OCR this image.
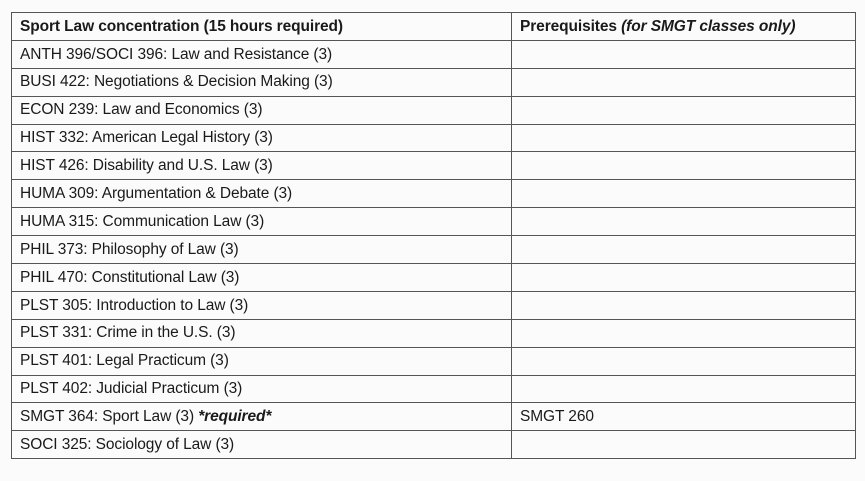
Sport Law concentration (15 hours required)	Prerequisites (for SMGT classes only)
ANTH 396/SOCI 396: Law and Resistance (3)	
BUSI 422: Negotiations & Decision Making (3)	
ECON 239: Law and Economics (3)	
HIST 332: American Legal History (3)	
HIST 426: Disability and U.S. Law (3)	
HUMA 309: Argumentation & Debate (3)	
HUMA 315: Communication Law (3)	
PHIL 373: Philosophy of Law (3)	
PHIL 470: Constitutional Law (3)	
PLST 305: Introduction to Law (3)	
PLST 331: Crime in the U.S. (3)	
PLST 401: Legal Practicum (3)	
PLST 402: Judicial Practicum (3)	
SMGT 364: Sport Law (3) *required*	SMGT 260
SOCI 325: Sociology of Law (3)	
